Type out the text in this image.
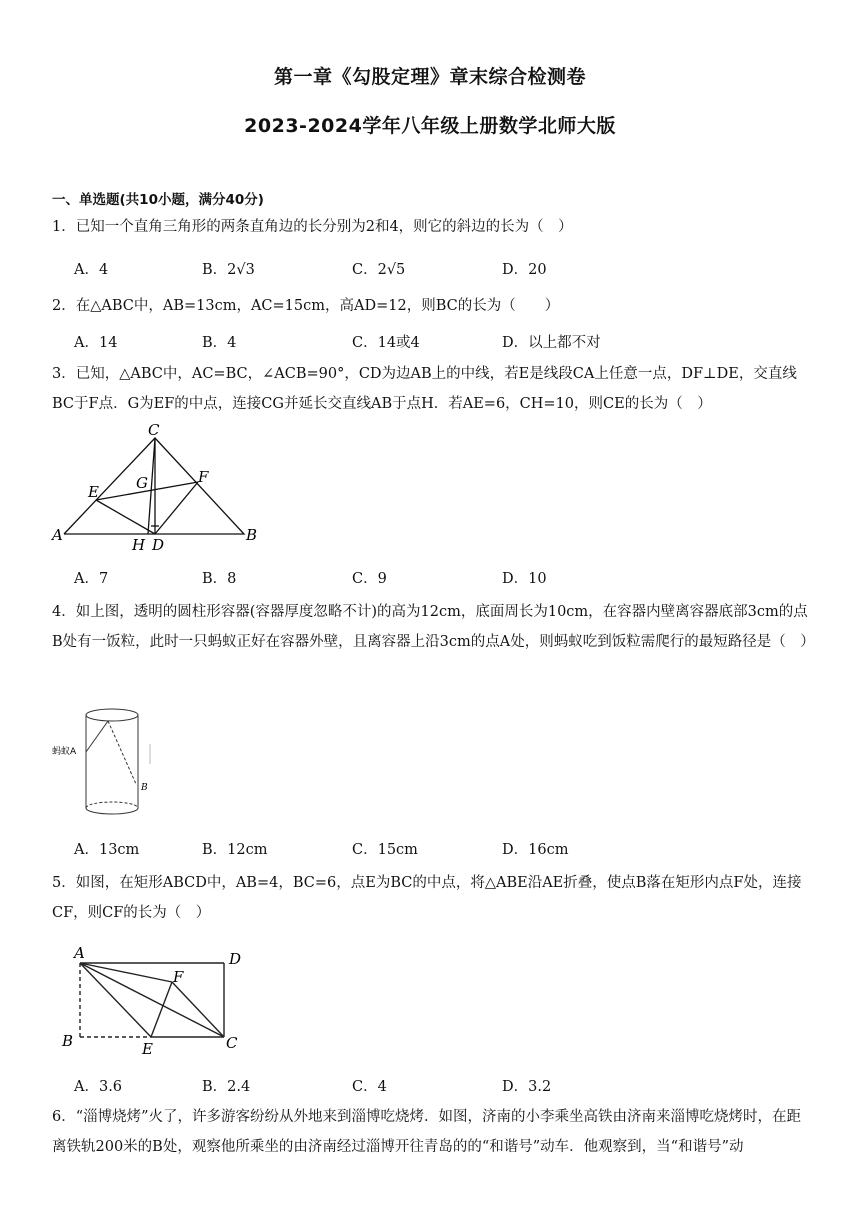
第一章《勾股定理》章末综合检测卷
2023-2024学年八年级上册数学北师大版
一、单选题(共10小题，满分40分)
1．已知一个直角三角形的两条直角边的长分别为2和4，则它的斜边的长为（　）
A．4	B．2√3	C．2√5	D．20
2．在△ABC中，AB=13cm，AC=15cm，高AD=12，则BC的长为（　　）
A．14	B．4	C．14或4	D．以上都不对
3．已知，△ABC中，AC=BC，∠ACB=90°，CD为边AB上的中线，若E是线段CA上任意一点，DF⊥DE，交直线BC于F点．G为EF的中点，连接CG并延长交直线AB于点H．若AE=6，CH=10，则CE的长为（　）
C
G	F
E
A
H D
B
A．7	B．8	C．9	D．10
4．如上图，透明的圆柱形容器(容器厚度忽略不计)的高为12cm，底面周长为10cm，在容器内壁离容器底部3cm的点B处有一饭粒，此时一只蚂蚁正好在容器外壁，且离容器上沿3cm的点A处，则蚂蚁吃到饭粒需爬行的最短路径是（　）
蚂蚁A
B
A．13cm	B．12cm	C．15cm	D．16cm
5．如图，在矩形ABCD中，AB=4，BC=6，点E为BC的中点，将△ABE沿AE折叠，使点B落在矩形内点F处，连接CF，则CF的长为（　）
A	D
F
B	E	C
A．3.6	B．2.4	C．4	D．3.2
6．“淄博烧烤”火了，许多游客纷纷从外地来到淄博吃烧烤．如图，济南的小李乘坐高铁由济南来淄博吃烧烤时，在距离铁轨200米的B处，观察他所乘坐的由济南经过淄博开往青岛的的“和谐号”动车．他观察到，当“和谐号”动
